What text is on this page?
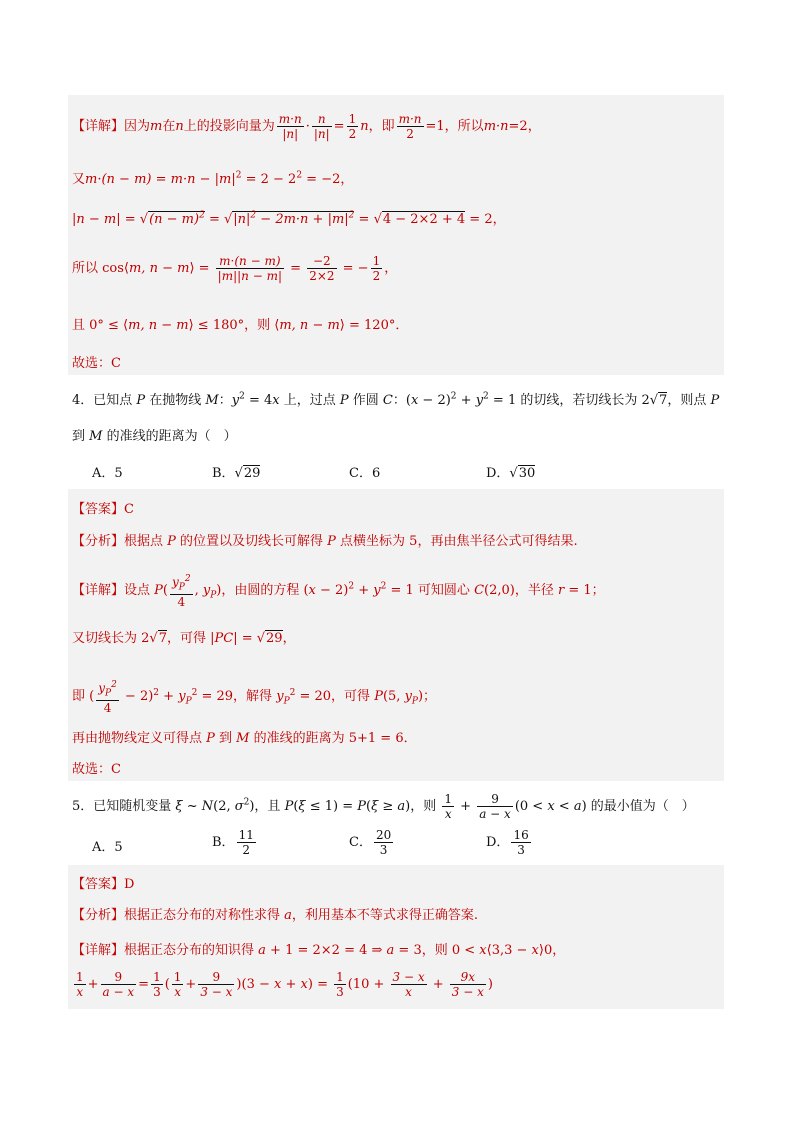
【详解】因为m在n上的投影向量为 $\frac{m\cdot n}{|n|} \cdot \frac{n}{|n|} = \frac{1}{2}$ n，即 $\frac{m\cdot n}{2} =1$，所以m·n=2，
又$m\cdot(n - m) = m\cdot n - |m|^2 = 2 - 2^2 = -2$，
$|n - m| = √(n - m)^2 = √|n|^2 - 2m\cdot n + |m|^2 = √4 - 2\times 2 + 4 = 2$，
所以 cos⟨m, n − m⟩ = $\frac{m\cdot(n - m)}{|m||n - m|} = \frac{-2}{2\times 2}$ = − $\frac{1}{2}$ ，
且 0° ≤ ⟨m, n − m⟩ ≤ 180°，则 ⟨m, n − m⟩ = 120°．
故选：C
4．已知点 P 在抛物线 M：$y^2 = 4x$ 上，过点 P 作圆 C：$(x - 2)^2 + y^2 = 1$ 的切线，若切线长为 2√7，则点 P
到 M 的准线的距离为（　）
A．5	B．√29	C．6	D．√30
【答案】C
【分析】根据点 P 的位置以及切线长可解得 P 点横坐标为 5，再由焦半径公式可得结果.
【详解】设点 $P( \frac{y_P^2}{4}$ , $y_P$)，由圆的方程 $(x - 2)^2 + y^2 = 1$ 可知圆心 C(2,0)，半径 r = 1；
又切线长为 2√7，可得 |PC| = √29，
即 ( $\frac{y_P^2}{4} - 2)^2 + y_P^2 = 29$，解得 $y_P^2 = 20$，可得 P(5, $y_P$)；
再由抛物线定义可得点 P 到 M 的准线的距离为 5+1 = 6．
故选：C
5．已知随机变量 ξ ~ N(2, $\sigma^2$)，且 P(ξ ≤ 1) = P(ξ ≥ a)，则 $\frac{1}{x} + \frac{9}{a - x} (0 < x < a)$ 的最小值为（　）
A．5	B． $\frac{11}{2}$	C． $\frac{20}{3}$	D． $\frac{16}{3}$
【答案】D
【分析】根据正态分布的对称性求得 a，利用基本不等式求得正确答案.
【详解】根据正态分布的知识得 a + 1 = 2×2 = 4 ⇒ a = 3，则 0 < x⟨3,3 − x⟩0，
$\frac{1}{x} + \frac{9}{a - x} = \frac{1}{3}$ ( $\frac{1}{x} + \frac{9}{3 - x} )(3 - x + x) = \frac{1}{3} (10 + \frac{3 - x}{x} + \frac{9x}{3 - x}$ )
